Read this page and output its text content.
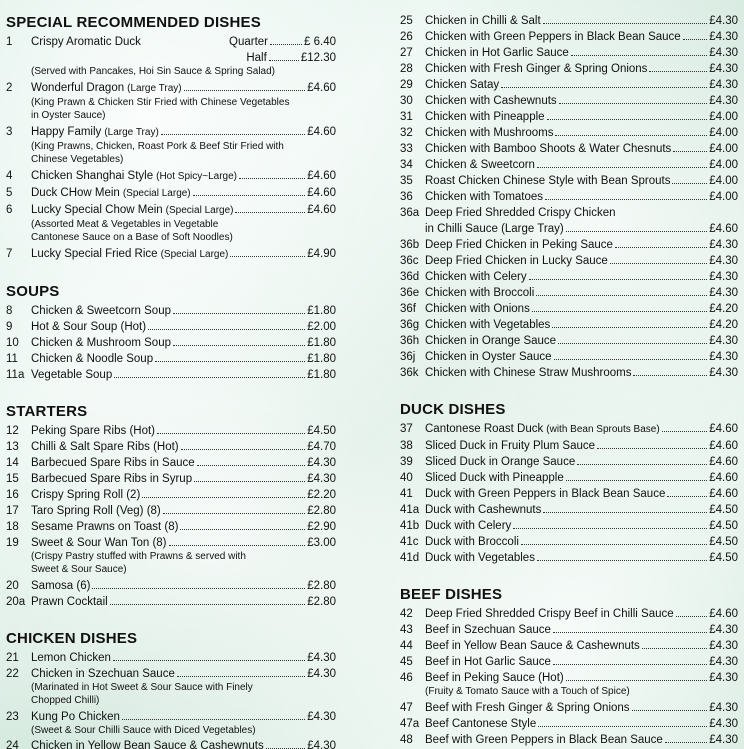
SPECIAL RECOMMENDED DISHES
1 Crispy Aromatic Duck	Quarter	£ 6.40
Half	£12.30
(Served with Pancakes, Hoi Sin Sauce & Spring Salad)
2 Wonderful Dragon (Large Tray)	£4.60
(King Prawn & Chicken Stir Fried with Chinese Vegetables
in Oyster Sauce)
3 Happy Family (Large Tray)	£4.60
(King Prawns, Chicken, Roast Pork & Beef Stir Fried with
Chinese Vegetables)
4 Chicken Shanghai Style (Hot Spicy~Large)	£4.60
5 Duck CHow Mein (Special Large)	£4.60
6 Lucky Special Chow Mein (Special Large)	£4.60
(Assorted Meat & Vegetables in Vegetable
Cantonese Sauce on a Base of Soft Noodles)
7 Lucky Special Fried Rice (Special Large)	£4.90
SOUPS
8 Chicken & Sweetcorn Soup	£1.80
9 Hot & Sour Soup (Hot)	£2.00
10 Chicken & Mushroom Soup	£1.80
11 Chicken & Noodle Soup	£1.80
11a Vegetable Soup	£1.80
STARTERS
12 Peking Spare Ribs (Hot)	£4.50
13 Chilli & Salt Spare Ribs (Hot)	£4.70
14 Barbecued Spare Ribs in Sauce	£4.30
15 Barbecued Spare Ribs in Syrup	£4.30
16 Crispy Spring Roll (2)	£2.20
17 Taro Spring Roll (Veg) (8)	£2.80
18 Sesame Prawns on Toast (8)	£2.90
19 Sweet & Sour Wan Ton (8)	£3.00
(Crispy Pastry stuffed with Prawns & served with
Sweet & Sour Sauce)
20 Samosa (6)	£2.80
20a Prawn Cocktail	£2.80
CHICKEN DISHES
21 Lemon Chicken	£4.30
22 Chicken in Szechuan Sauce	£4.30
(Marinated in Hot Sweet & Sour Sauce with Finely
Chopped Chilli)
23 Kung Po Chicken	£4.30
(Sweet & Sour Chilli Sauce with Diced Vegetables)
24 Chicken in Yellow Bean Sauce & Cashewnuts	£4.30
25 Chicken in Chilli & Salt	£4.30
26 Chicken with Green Peppers in Black Bean Sauce £4.30
27 Chicken in Hot Garlic Sauce	£4.30
28 Chicken with Fresh Ginger & Spring Onions	£4.30
29 Chicken Satay	£4.30
30 Chicken with Cashewnuts	£4.30
31 Chicken with Pineapple	£4.00
32 Chicken with Mushrooms	£4.00
33 Chicken with Bamboo Shoots & Water Chesnuts	£4.00
34 Chicken & Sweetcorn	£4.00
35 Roast Chicken Chinese Style with Bean Sprouts	£4.00
36 Chicken with Tomatoes	£4.00
36a Deep Fried Shredded Crispy Chicken
in Chilli Sauce (Large Tray)	£4.60
36b Deep Fried Chicken in Peking Sauce	£4.30
36c Deep Fried Chicken in Lucky Sauce	£4.30
36d Chicken with Celery	£4.30
36e Chicken with Broccoli	£4.30
36f Chicken with Onions	£4.20
36g Chicken with Vegetables	£4.20
36h Chicken in Orange Sauce	£4.30
36j Chicken in Oyster Sauce	£4.30
36k Chicken with Chinese Straw Mushrooms	£4.30
DUCK DISHES
37 Cantonese Roast Duck (with Bean Sprouts Base)	£4.60
38 Sliced Duck in Fruity Plum Sauce	£4.60
39 Sliced Duck in Orange Sauce	£4.60
40 Sliced Duck with Pineapple	£4.60
41 Duck with Green Peppers in Black Bean Sauce	£4.60
41a Duck with Cashewnuts	£4.50
41b Duck with Celery	£4.50
41c Duck with Broccoli	£4.50
41d Duck with Vegetables	£4.50
BEEF DISHES
42 Deep Fried Shredded Crispy Beef in Chilli Sauce	£4.60
43 Beef in Szechuan Sauce	£4.30
44 Beef in Yellow Bean Sauce & Cashewnuts	£4.30
45 Beef in Hot Garlic Sauce	£4.30
46 Beef in Peking Sauce (Hot)	£4.30
(Fruity & Tomato Sauce with a Touch of Spice)
47 Beef with Fresh Ginger & Spring Onions	£4.30
47a Beef Cantonese Style	£4.30
48 Beef with Green Peppers in Black Bean Sauce	£4.30
